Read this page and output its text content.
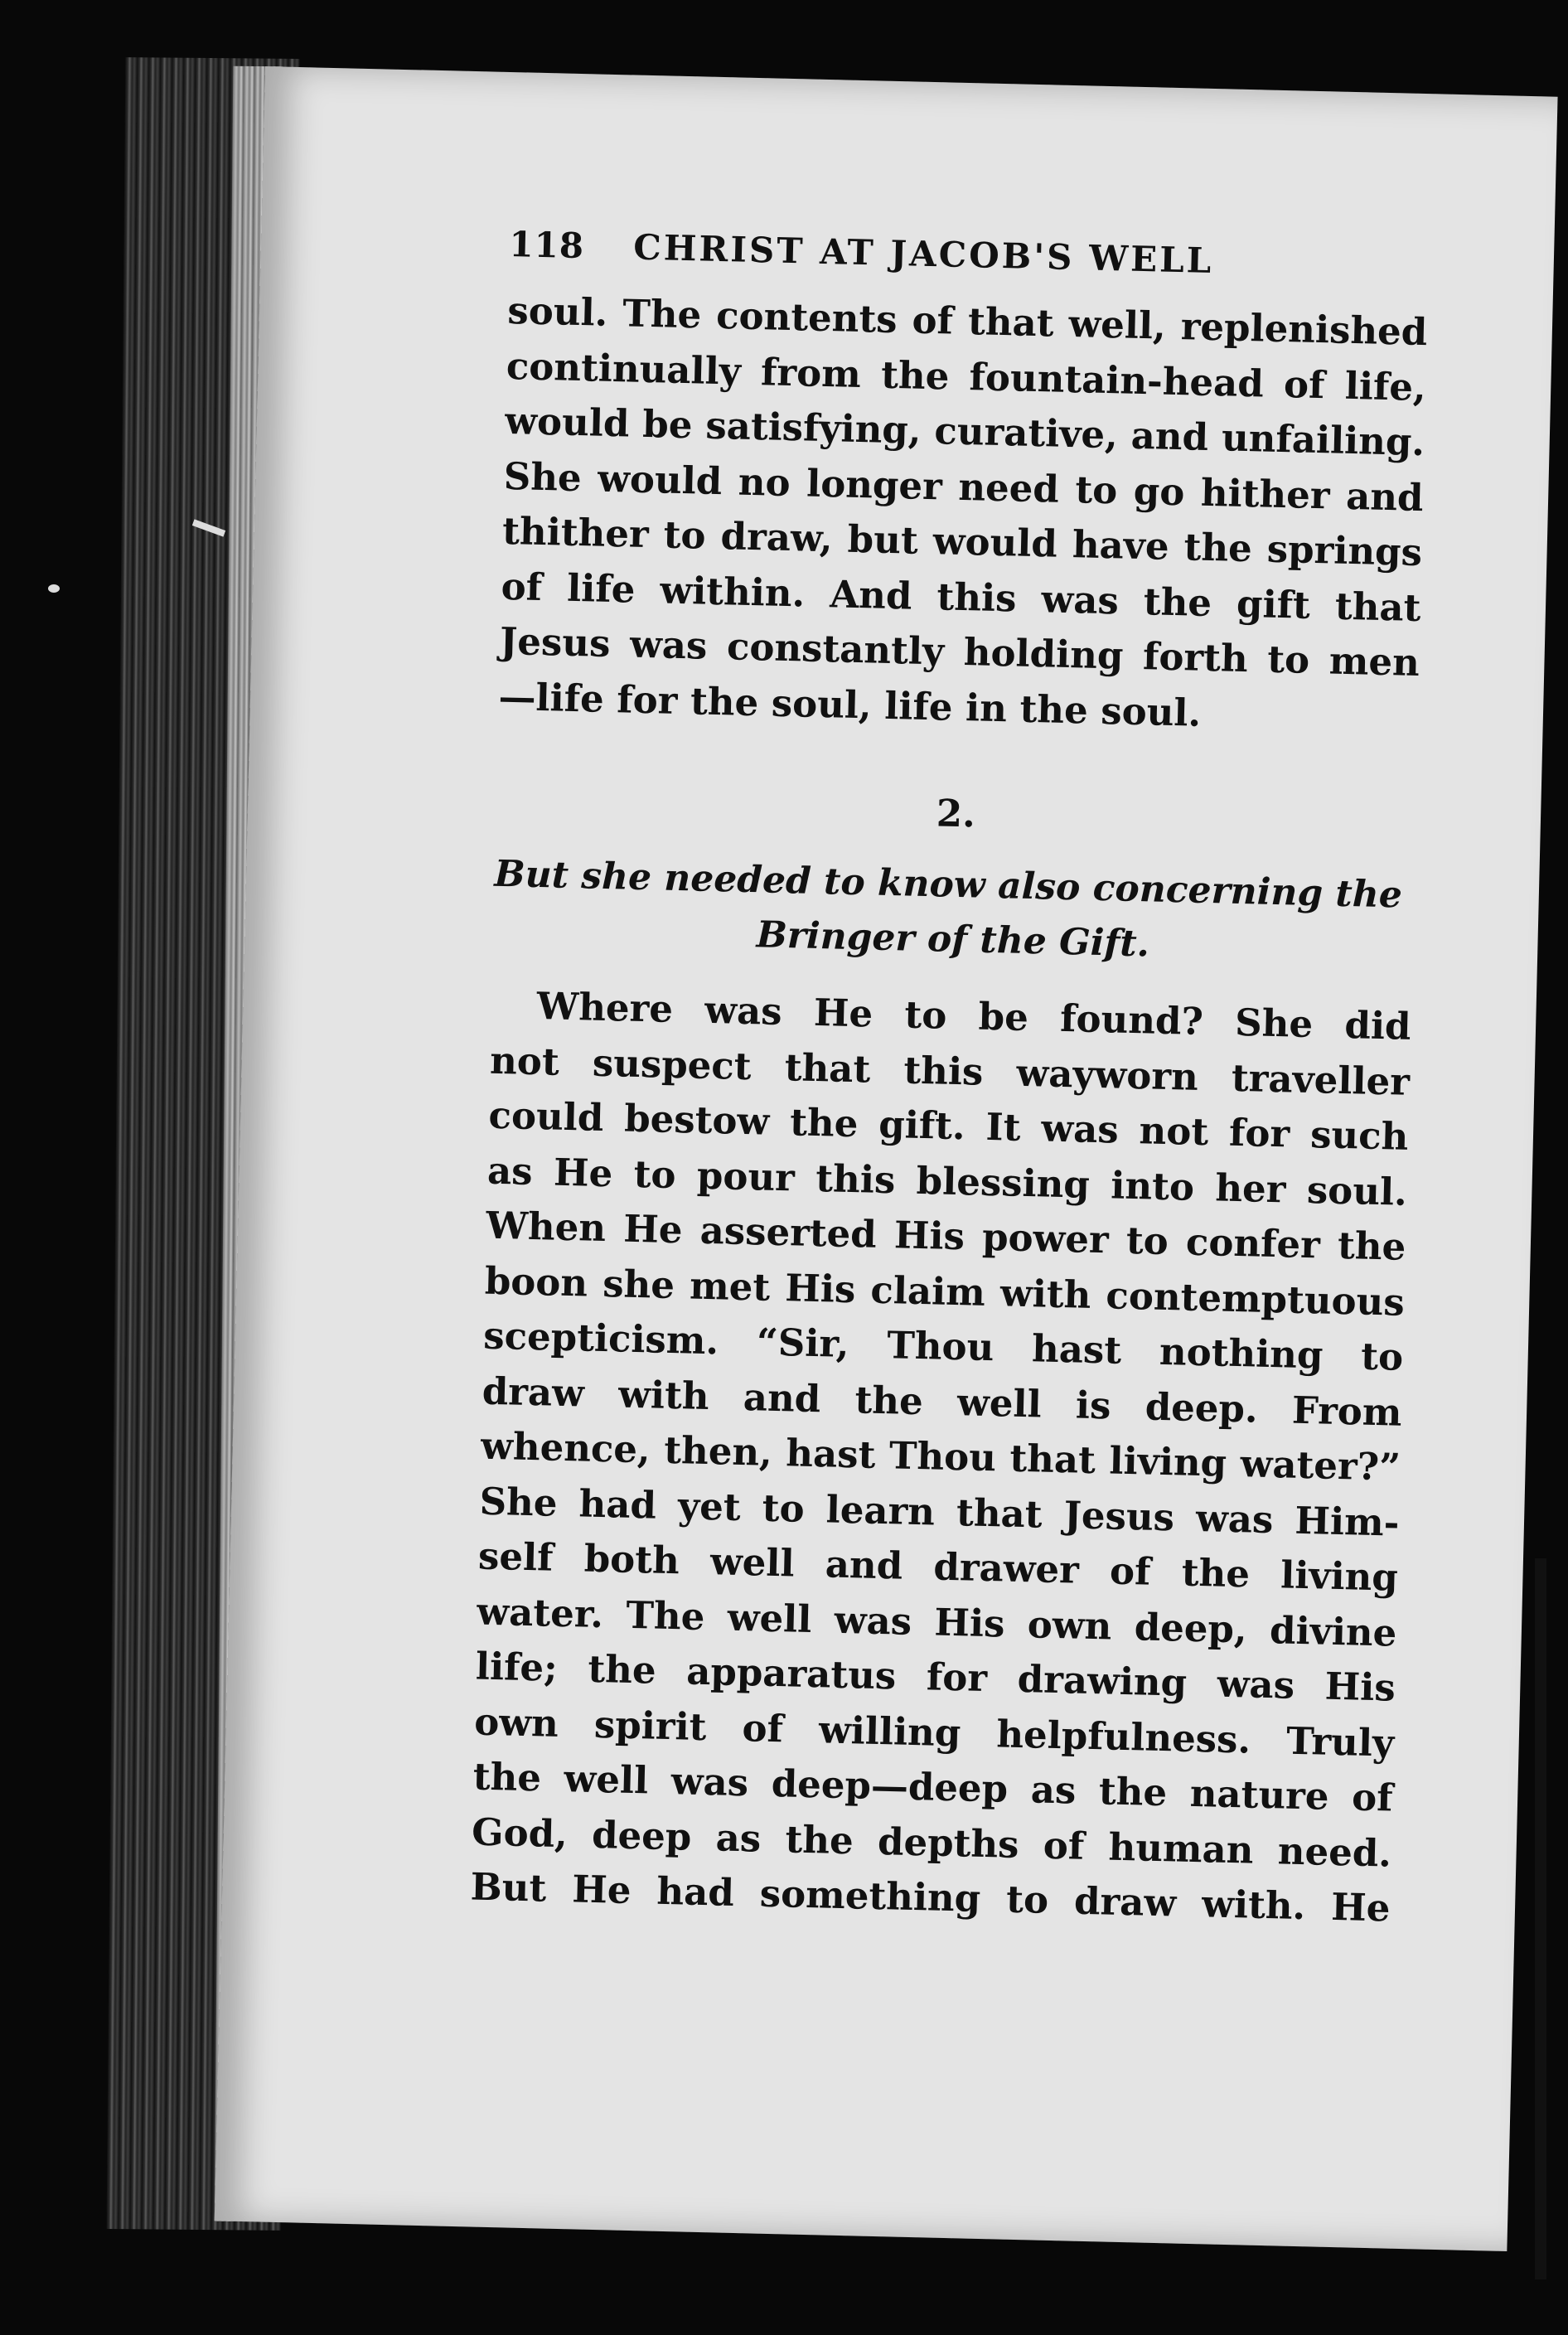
118 CHRIST AT JACOB'S WELL
soul. The contents of that well, replenished
continually from the fountain-head of life,
would be satisfying, curative, and unfailing.
She would no longer need to go hither and
thither to draw, but would have the springs
of life within. And this was the gift that
Jesus was constantly holding forth to men
—life for the soul, life in the soul.
2.
But she needed to know also concerning the
Bringer of the Gift.
Where was He to be found? She did
not suspect that this wayworn traveller
could bestow the gift. It was not for such
as He to pour this blessing into her soul.
When He asserted His power to confer the
boon she met His claim with contemptuous
scepticism. “Sir, Thou hast nothing to
draw with and the well is deep. From
whence, then, hast Thou that living water?”
She had yet to learn that Jesus was Him-
self both well and drawer of the living
water. The well was His own deep, divine
life; the apparatus for drawing was His
own spirit of willing helpfulness. Truly
the well was deep—deep as the nature of
God, deep as the depths of human need.
But He had something to draw with. He
